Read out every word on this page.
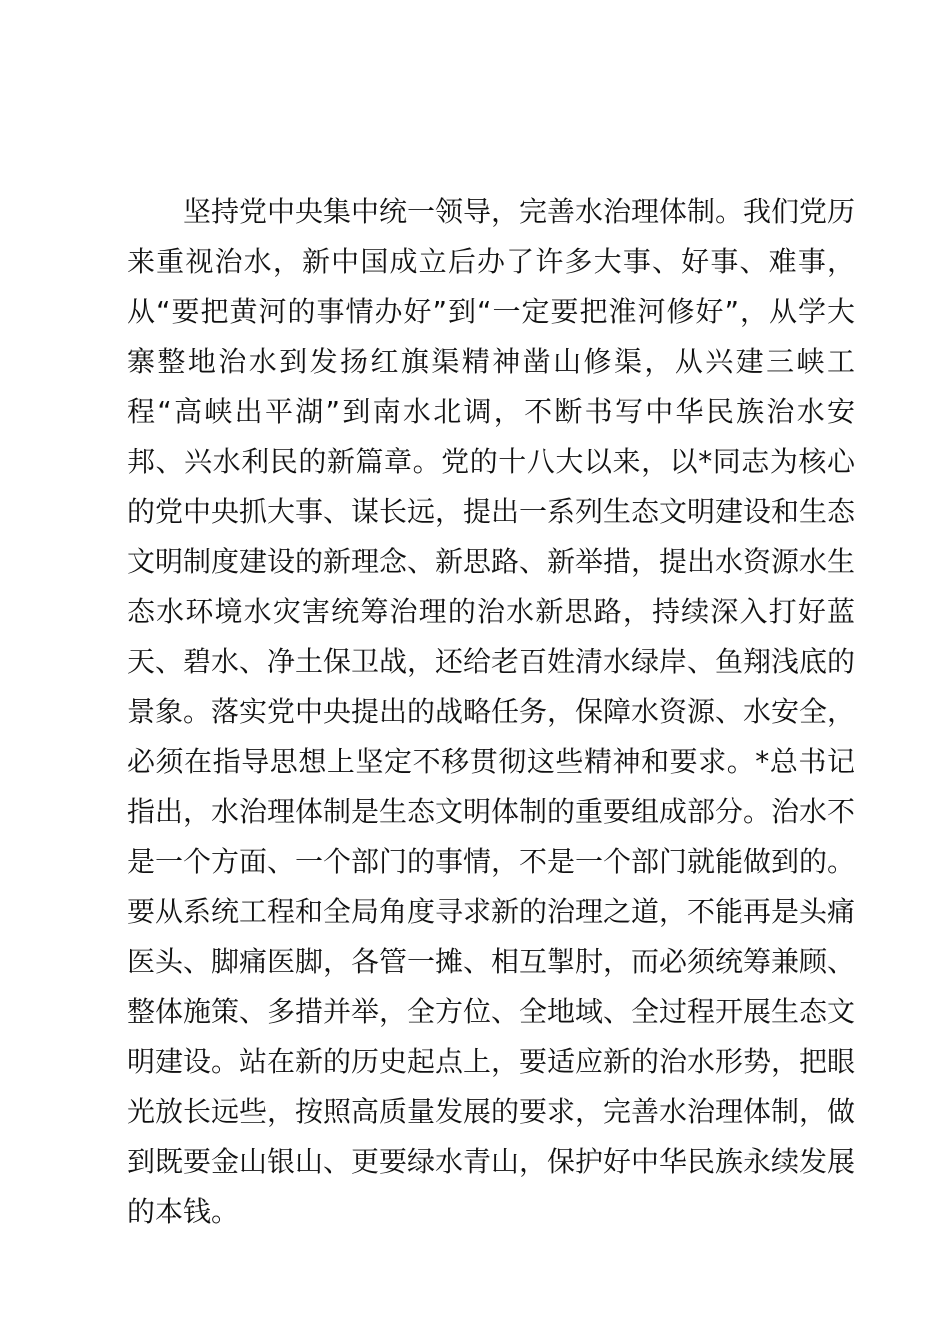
坚持党中央集中统一领导，完善水治理体制。我们党历来重视治水，新中国成立后办了许多大事、好事、难事，从“要把黄河的事情办好”到“一定要把淮河修好”，从学大寨整地治水到发扬红旗渠精神凿山修渠，从兴建三峡工程“高峡出平湖”到南水北调，不断书写中华民族治水安邦、兴水利民的新篇章。党的十八大以来，以*同志为核心的党中央抓大事、谋长远，提出一系列生态文明建设和生态文明制度建设的新理念、新思路、新举措，提出水资源水生态水环境水灾害统筹治理的治水新思路，持续深入打好蓝天、碧水、净土保卫战，还给老百姓清水绿岸、鱼翔浅底的景象。落实党中央提出的战略任务，保障水资源、水安全，必须在指导思想上坚定不移贯彻这些精神和要求。*总书记指出，水治理体制是生态文明体制的重要组成部分。治水不是一个方面、一个部门的事情，不是一个部门就能做到的。要从系统工程和全局角度寻求新的治理之道，不能再是头痛医头、脚痛医脚，各管一摊、相互掣肘，而必须统筹兼顾、整体施策、多措并举，全方位、全地域、全过程开展生态文明建设。站在新的历史起点上，要适应新的治水形势，把眼光放长远些，按照高质量发展的要求，完善水治理体制，做到既要金山银山、更要绿水青山，保护好中华民族永续发展的本钱。
